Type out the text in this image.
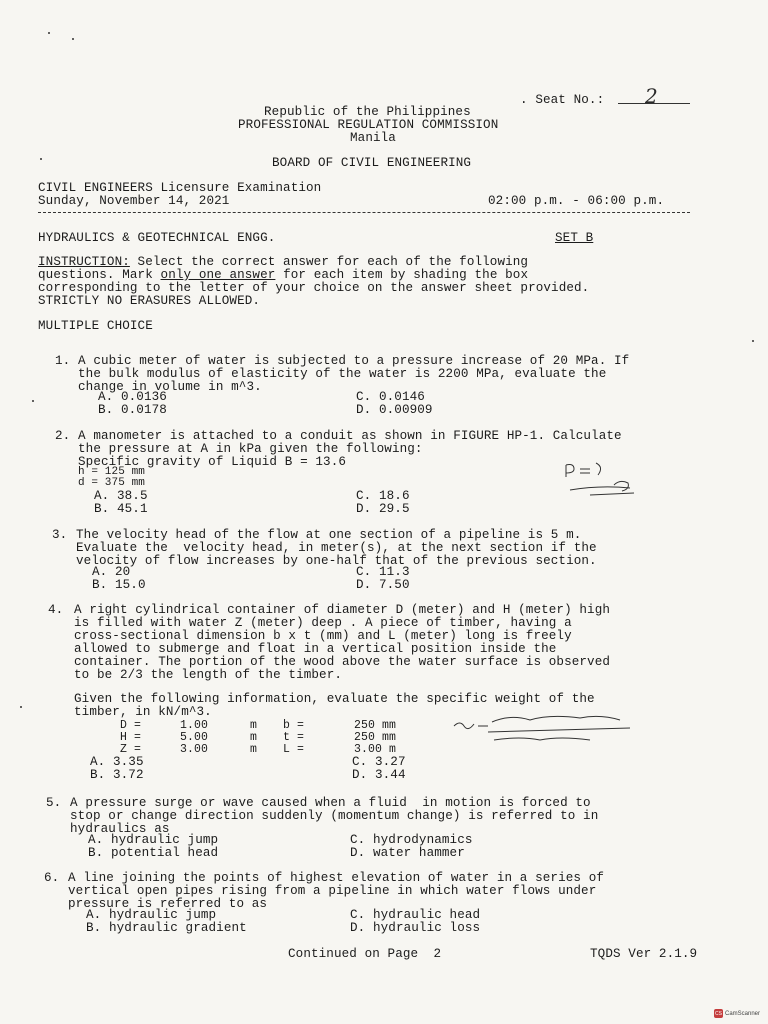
. Seat No.: 2
Republic of the Philippines
PROFESSIONAL REGULATION COMMISSION
Manila
BOARD OF CIVIL ENGINEERING
CIVIL ENGINEERS Licensure Examination
Sunday, November 14, 2021	02:00 p.m. - 06:00 p.m.
HYDRAULICS & GEOTECHNICAL ENGG.	SET B
INSTRUCTION: Select the correct answer for each of the following
questions. Mark only one answer for each item by shading the box
corresponding to the letter of your choice on the answer sheet provided.
STRICTLY NO ERASURES ALLOWED.
MULTIPLE CHOICE
1. A cubic meter of water is subjected to a pressure increase of 20 MPa. If
the bulk modulus of elasticity of the water is 2200 MPa, evaluate the
change in volume in m^3.
A. 0.0136
B. 0.0178
C. 0.0146
D. 0.00909
2. A manometer is attached to a conduit as shown in FIGURE HP-1. Calculate
the pressure at A in kPa given the following:
Specific gravity of Liquid B = 13.6
h = 125 mm
d = 375 mm
A. 38.5
B. 45.1
C. 18.6
D. 29.5
3. The velocity head of the flow at one section of a pipeline is 5 m.
Evaluate the  velocity head, in meter(s), at the next section if the
velocity of flow increases by one-half that of the previous section.
A. 20
B. 15.0
C. 11.3
D. 7.50
4. A right cylindrical container of diameter D (meter) and H (meter) high
is filled with water Z (meter) deep . A piece of timber, having a
cross-sectional dimension b x t (mm) and L (meter) long is freely
allowed to submerge and float in a vertical position inside the
container. The portion of the wood above the water surface is observed
to be 2/3 the length of the timber.
Given the following information, evaluate the specific weight of the
timber, in kN/m^3.
D =	1.00	m b =	250 mm
H =	5.00	m t =	250 mm
Z =	3.00	m L =	3.00 m
A. 3.35
B. 3.72
C. 3.27
D. 3.44
5. A pressure surge or wave caused when a fluid  in motion is forced to
stop or change direction suddenly (momentum change) is referred to in
hydraulics as
A. hydraulic jump
B. potential head
C. hydrodynamics
D. water hammer
6. A line joining the points of highest elevation of water in a series of
vertical open pipes rising from a pipeline in which water flows under
pressure is referred to as
A. hydraulic jump
B. hydraulic gradient
C. hydraulic head
D. hydraulic loss
Continued on Page  2	TQDS Ver 2.1.9
CS CamScanner
